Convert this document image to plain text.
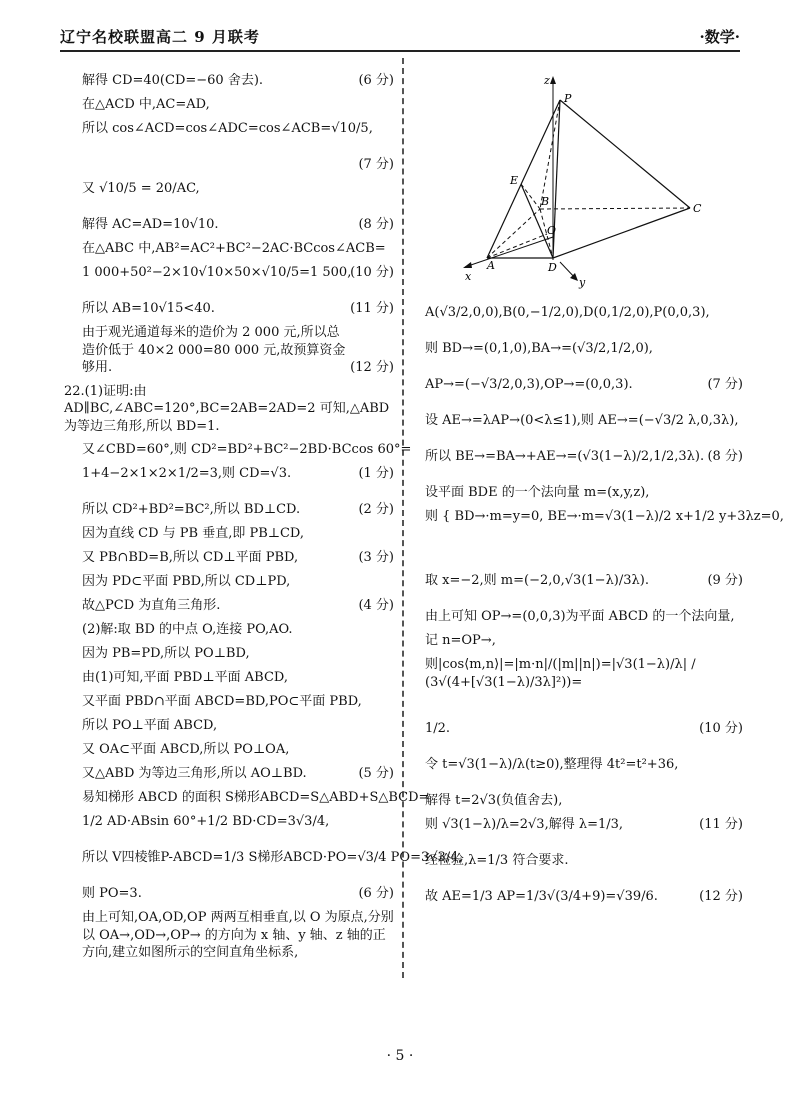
辽宁名校联盟高二 9 月联考	·数学·
解得 CD=40(CD=−60 舍去).	(6 分)
在△ACD 中,AC=AD,
所以 cos∠ACD=cos∠ADC=cos∠ACB=√10/5,
(7 分)
又 √10/5 = 20/AC,
解得 AC=AD=10√10.	(8 分)
在△ABC 中,AB²=AC²+BC²−2AC·BCcos∠ACB=
1 000+50²−2×10√10×50×√10/5=1 500,
(10 分)
所以 AB=10√15<40.	(11 分)
由于观光通道每米的造价为 2 000 元,所以总造价低于 40×2 000=80 000 元,故预算资金够用.	(12 分)
22.(1)证明:由 AD∥BC,∠ABC=120°,BC=2AB=2AD=2 可知,△ABD 为等边三角形,所以 BD=1.
又∠CBD=60°,则 CD²=BD²+BC²−2BD·BCcos 60°=
1+4−2×1×2×1/2=3,则 CD=√3.	(1 分)
所以 CD²+BD²=BC²,所以 BD⊥CD.	(2 分)
因为直线 CD 与 PB 垂直,即 PB⊥CD,
又 PB∩BD=B,所以 CD⊥平面 PBD,	(3 分)
因为 PD⊂平面 PBD,所以 CD⊥PD,
故△PCD 为直角三角形.	(4 分)
(2)解:取 BD 的中点 O,连接 PO,AO.
因为 PB=PD,所以 PO⊥BD,
由(1)可知,平面 PBD⊥平面 ABCD,
又平面 PBD∩平面 ABCD=BD,PO⊂平面 PBD,
所以 PO⊥平面 ABCD,
又 OA⊂平面 ABCD,所以 PO⊥OA,
又△ABD 为等边三角形,所以 AO⊥BD.	(5 分)
易知梯形 ABCD 的面积 S梯形ABCD=S△ABD+S△BCD=
1/2 AD·ABsin 60°+1/2 BD·CD=3√3/4,
所以 V四棱锥P-ABCD=1/3 S梯形ABCD·PO=√3/4 PO=3√3/4,
则 PO=3.	(6 分)
由上可知,OA,OD,OP 两两互相垂直,以 O 为原点,分别以 OA→,OD→,OP→ 的方向为 x 轴、y 轴、z 轴的正方向,建立如图所示的空间直角坐标系,
z
P
E
B
C
O
A	D
x	y
A(√3/2,0,0),B(0,−1/2,0),D(0,1/2,0),P(0,0,3),
则 BD→=(0,1,0),BA→=(√3/2,1/2,0),
AP→=(−√3/2,0,3),OP→=(0,0,3).	(7 分)
设 AE→=λAP→(0<λ≤1),则 AE→=(−√3/2 λ,0,3λ),
所以 BE→=BA→+AE→=(√3(1−λ)/2,1/2,3λ). (8 分)
设平面 BDE 的一个法向量 m=(x,y,z),
则 { BD→·m=y=0, BE→·m=√3(1−λ)/2 x+1/2 y+3λz=0,
取 x=−2,则 m=(−2,0,√3(1−λ)/3λ).	(9 分)
由上可知 OP→=(0,0,3)为平面 ABCD 的一个法向量,
记 n=OP→,
则|cos⟨m,n⟩|=|m·n|/(|m||n|)=|√3(1−λ)/λ| / (3√(4+[√3(1−λ)/3λ]²))=
1/2.	(10 分)
令 t=√3(1−λ)/λ(t≥0),整理得 4t²=t²+36,
解得 t=2√3(负值舍去),
则 √3(1−λ)/λ=2√3,解得 λ=1/3,	(11 分)
经检验,λ=1/3 符合要求.
故 AE=1/3 AP=1/3√(3/4+9)=√39/6.	(12 分)
· 5 ·
